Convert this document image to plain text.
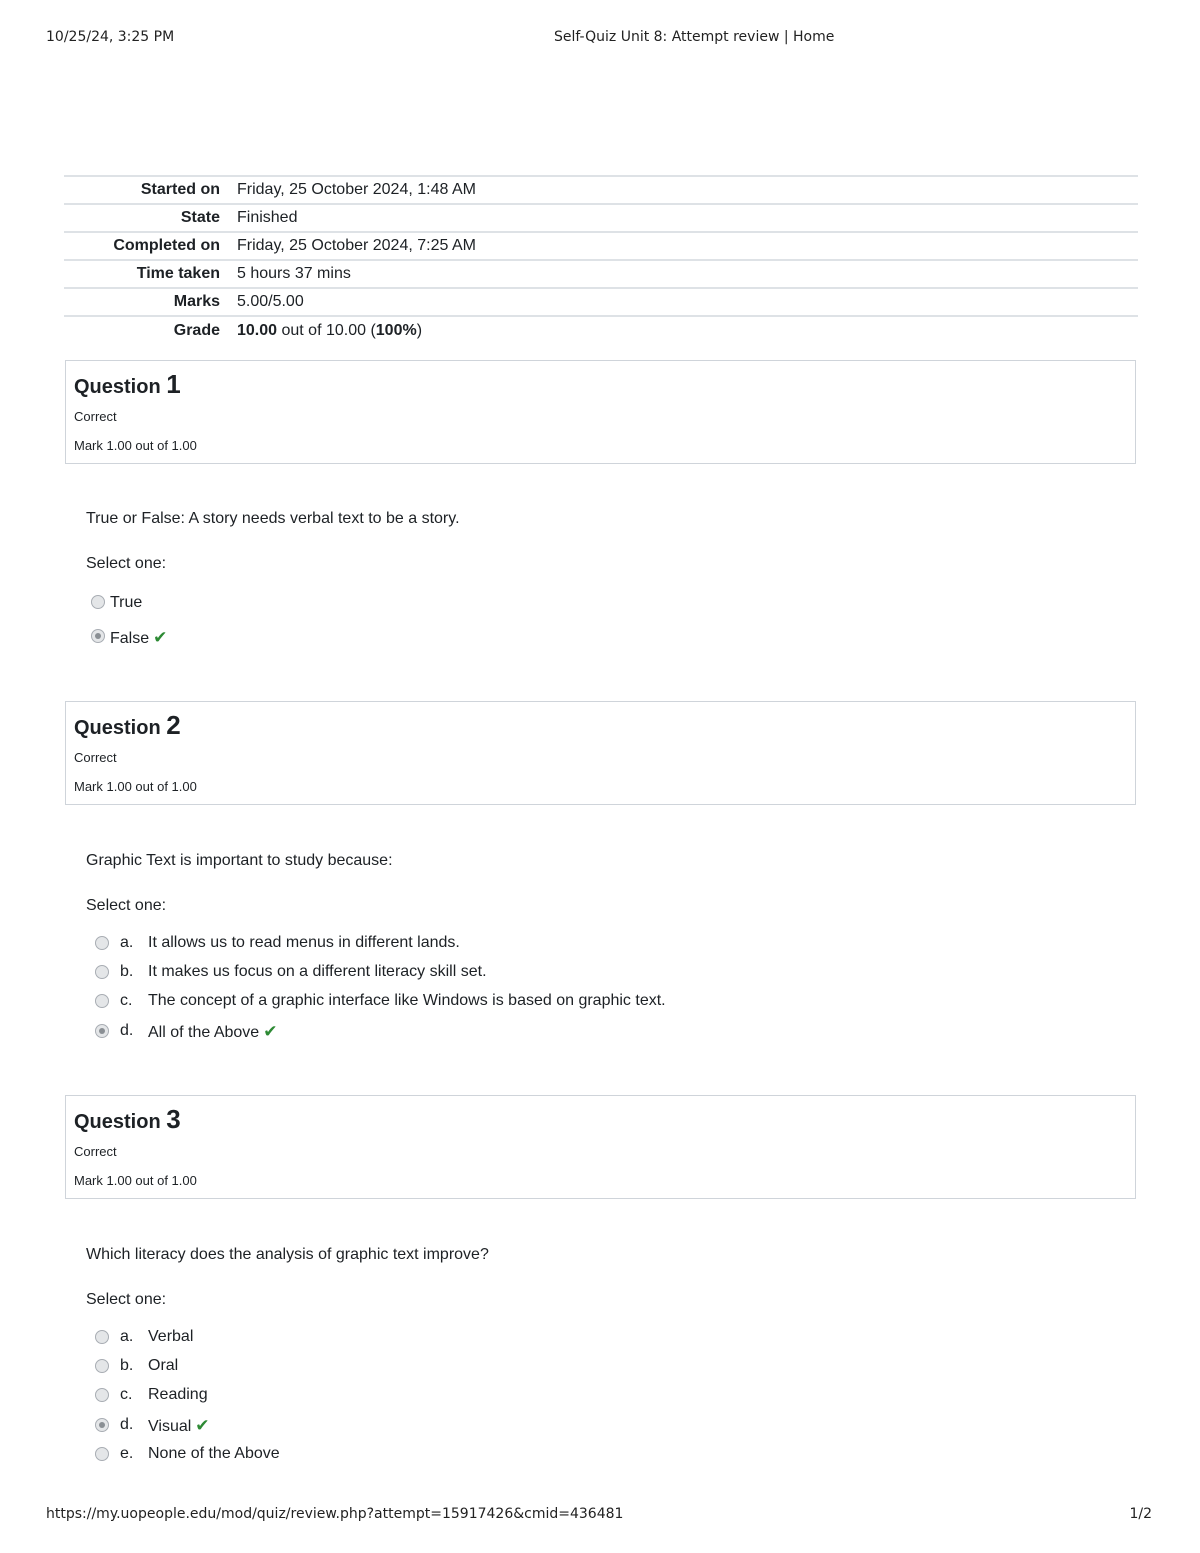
10/25/24, 3:25 PM	Self-Quiz Unit 8: Attempt review | Home
Started on	Friday, 25 October 2024, 1:48 AM
State	Finished
Completed on	Friday, 25 October 2024, 7:25 AM
Time taken	5 hours 37 mins
Marks	5.00/5.00
Grade	10.00 out of 10.00 (100%)
Question 1
Correct
Mark 1.00 out of 1.00
True or False: A story needs verbal text to be a story.
Select one:
True
False ✔
Question 2
Correct
Mark 1.00 out of 1.00
Graphic Text is important to study because:
Select one:
a. It allows us to read menus in different lands.
b. It makes us focus on a different literacy skill set.
c. The concept of a graphic interface like Windows is based on graphic text.
d. All of the Above ✔
Question 3
Correct
Mark 1.00 out of 1.00
Which literacy does the analysis of graphic text improve?
Select one:
a. Verbal
b. Oral
c. Reading
d. Visual ✔
e. None of the Above
https://my.uopeople.edu/mod/quiz/review.php?attempt=15917426&cmid=436481	1/2
